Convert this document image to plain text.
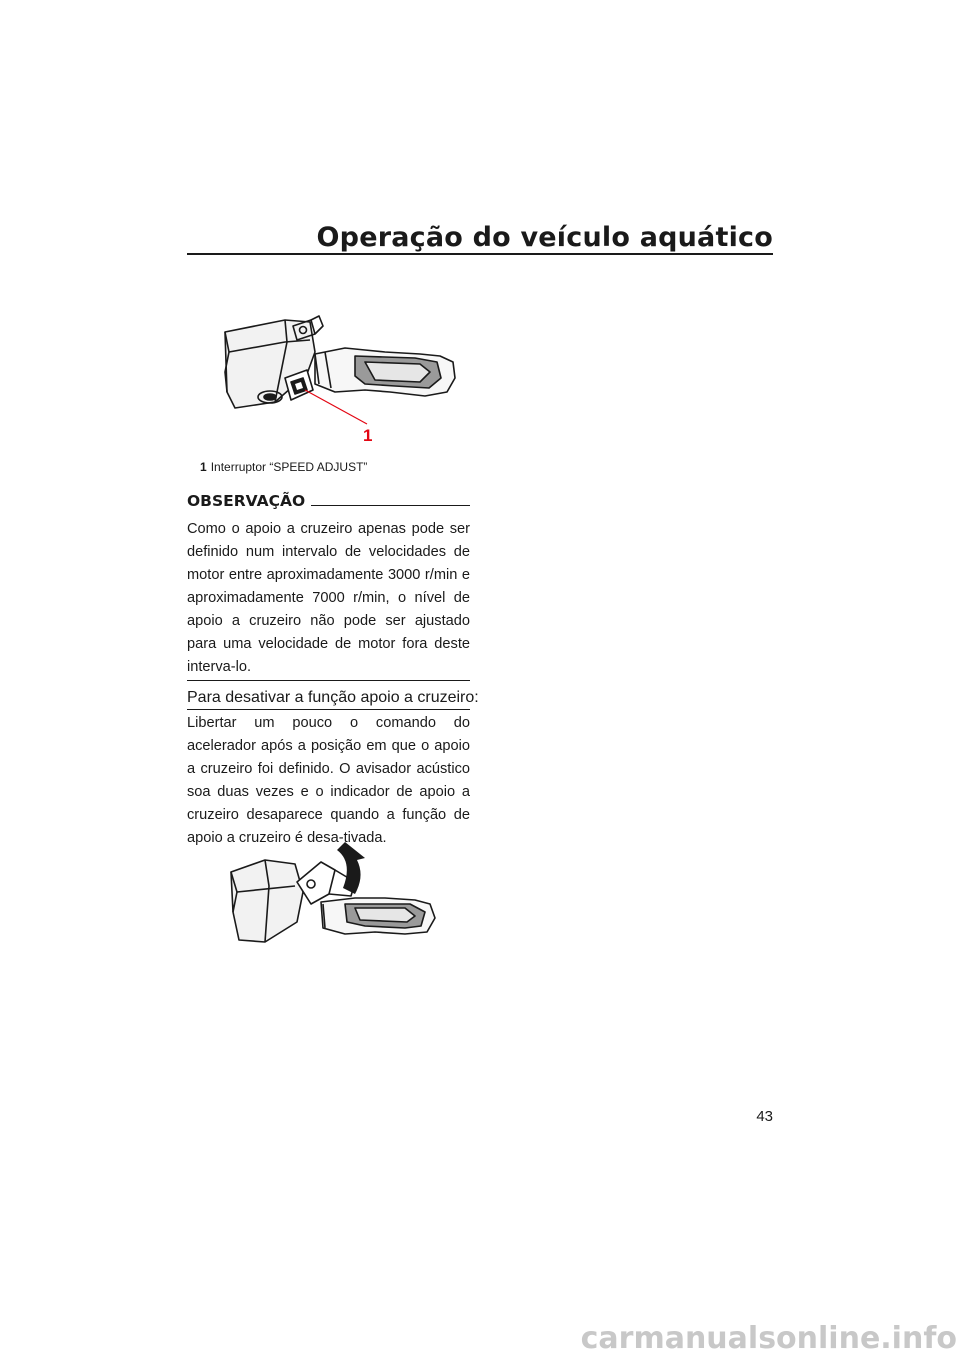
Operação do veículo aquático
1
1 Interruptor “SPEED ADJUST”
OBSERVAÇÃO
Como o apoio a cruzeiro apenas pode ser definido num intervalo de velocidades de motor entre aproximadamente 3000 r/min e aproximadamente 7000 r/min, o nível de apoio a cruzeiro não pode ser ajustado para uma velocidade de motor fora deste interva-lo.
Para desativar a função apoio a cruzeiro:
Libertar um pouco o comando do acelerador após a posição em que o apoio a cruzeiro foi definido. O avisador acústico soa duas vezes e o indicador de apoio a cruzeiro desaparece quando a função de apoio a cruzeiro é desa-tivada.
43
carmanualsonline.info
